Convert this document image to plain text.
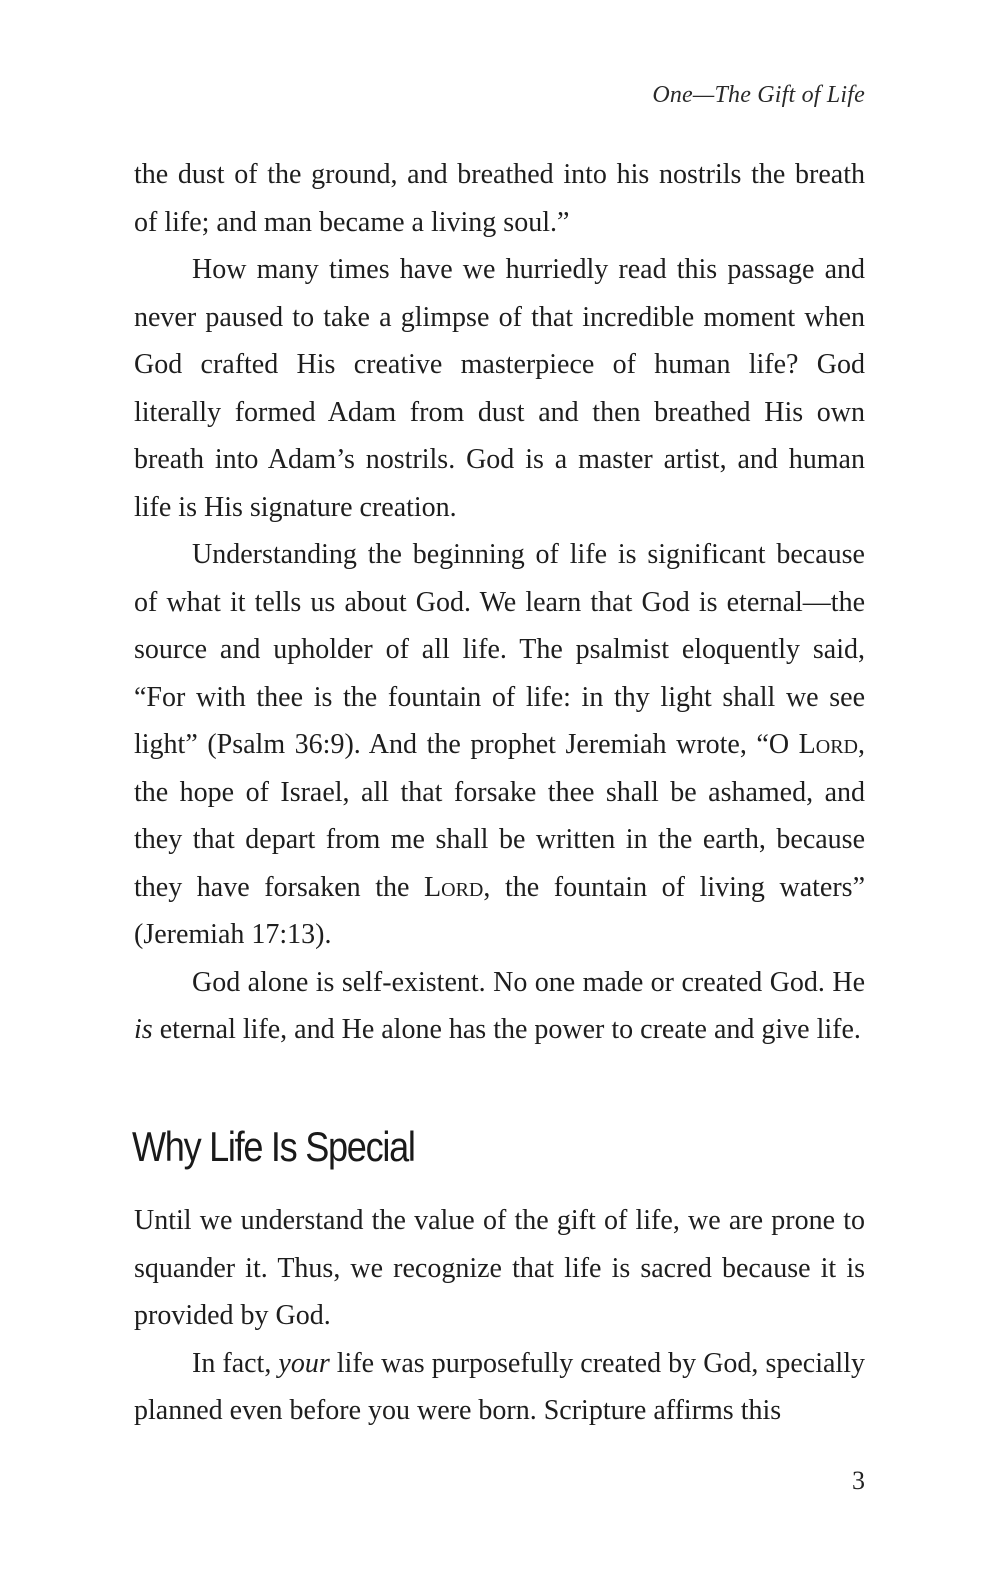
One—The Gift of Life

the dust of the ground, and breathed into his nostrils the breath of life; and man became a living soul.”

How many times have we hurriedly read this passage and never paused to take a glimpse of that incredible moment when God crafted His creative masterpiece of human life? God literally formed Adam from dust and then breathed His own breath into Adam’s nostrils. God is a master artist, and human life is His signature creation.

Understanding the beginning of life is significant because of what it tells us about God. We learn that God is eternal—the source and upholder of all life. The psalmist eloquently said, “For with thee is the fountain of life: in thy light shall we see light” (Psalm 36:9). And the prophet Jeremiah wrote, “O Lord, the hope of Israel, all that forsake thee shall be ashamed, and they that depart from me shall be written in the earth, because they have forsaken the Lord, the fountain of living waters” (Jeremiah 17:13).

God alone is self-existent. No one made or created God. He is eternal life, and He alone has the power to create and give life.

Why Life Is Special

Until we understand the value of the gift of life, we are prone to squander it. Thus, we recognize that life is sacred because it is provided by God.

In fact, your life was purposefully created by God, specially planned even before you were born. Scripture affirms this

3
